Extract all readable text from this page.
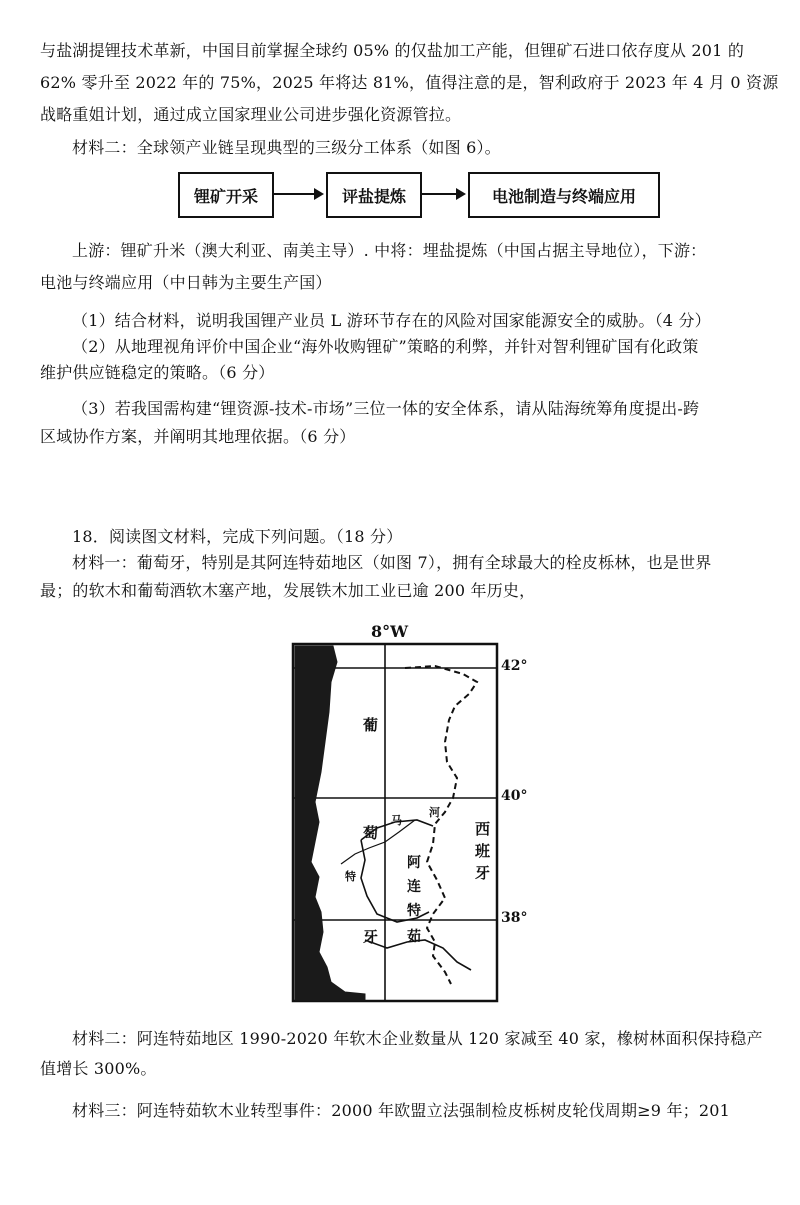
与盐湖提锂技术革新，中国目前掌握全球约 05% 的仅盐加工产能，但锂矿石进口依存度从 201 的
62% 零升至 2022 年的 75%，2025 年将达 81%，值得注意的是，智利政府于 2023 年 4 月 0 资源
战略重姐计划，通过成立国家理业公司进步强化资源管拉。
材料二：全球领产业链呈现典型的三级分工体系（如图 6）。
锂矿开采	评盐提炼	电池制造与终端应用
上游：锂矿升米（澳大利亚、南美主导）. 中将：埋盐提炼（中国占据主导地位），下游：
电池与终端应用（中日韩为主要生产国）
（1）结合材料，说明我国锂产业员 L 游环节存在的风险对国家能源安全的威胁。（4 分）
（2）从地理视角评价中国企业“海外收购锂矿”策略的利弊，并针对智利锂矿国有化政策
维护供应链稳定的策略。（6 分）
（3）若我国需构建“锂资源-技术-市场”三位一体的安全体系，请从陆海统筹角度提出-跨
区域协作方案，并阐明其地理依据。（6 分）
18．阅读图文材料，完成下列问题。（18 分）
材料一：葡萄牙，特别是其阿连特茹地区（如图 7），拥有全球最大的栓皮栎林，也是世界
最；的软木和葡萄酒软木塞产地，发展铁木加工业已逾 200 年历史，
8°W
42°
40°
38°
葡
萄
牙
西
班
牙
阿
连
特
茹
河
马
特
材料二：阿连特茹地区 1990-2020 年软木企业数量从 120 家减至 40 家，橡树林面积保持稳产
值增长 300%。
材料三：阿连特茹软木业转型事件：2000 年欧盟立法强制检皮栎树皮轮伐周期≥9 年；201
